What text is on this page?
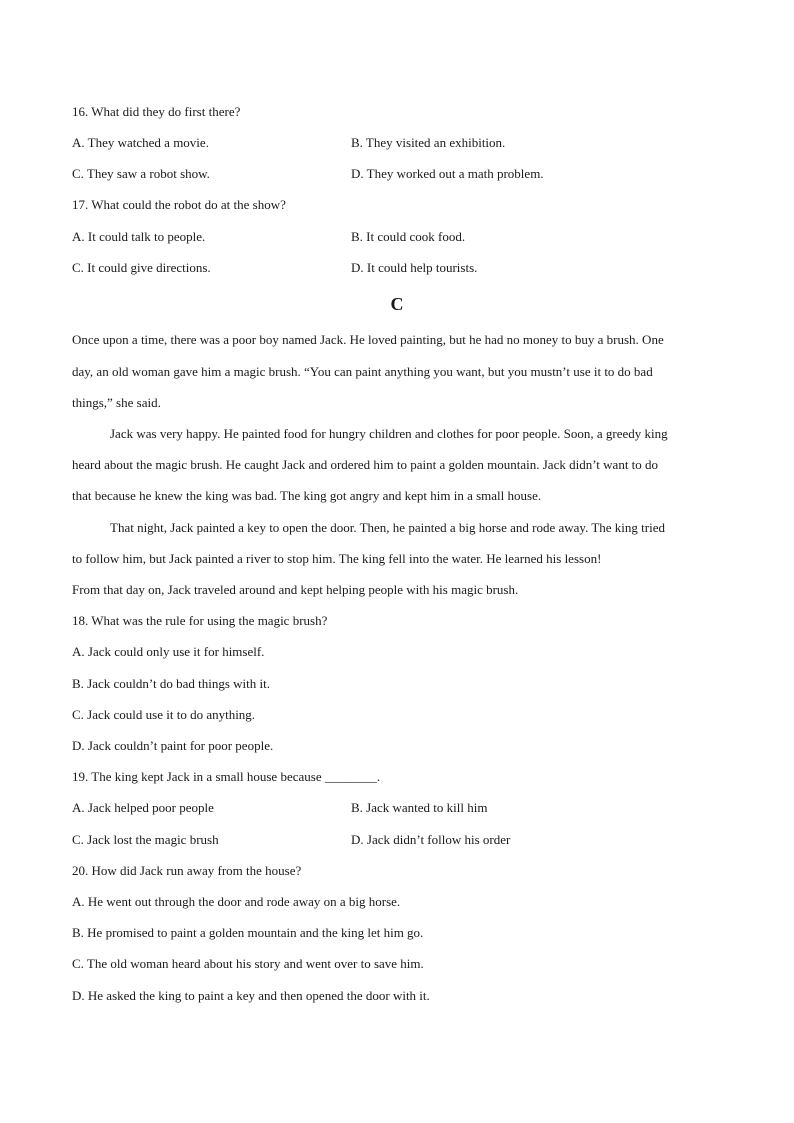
16. What did they do first there?
A. They watched a movie.	B. They visited an exhibition.
C. They saw a robot show.	D. They worked out a math problem.
17. What could the robot do at the show?
A. It could talk to people.	B. It could cook food.
C. It could give directions.	D. It could help tourists.
C
Once upon a time, there was a poor boy named Jack. He loved painting, but he had no money to buy a brush. One
day, an old woman gave him a magic brush. “You can paint anything you want, but you mustn’t use it to do bad
things,” she said.
Jack was very happy. He painted food for hungry children and clothes for poor people. Soon, a greedy king
heard about the magic brush. He caught Jack and ordered him to paint a golden mountain. Jack didn’t want to do
that because he knew the king was bad. The king got angry and kept him in a small house.
That night, Jack painted a key to open the door. Then, he painted a big horse and rode away. The king tried
to follow him, but Jack painted a river to stop him. The king fell into the water. He learned his lesson!
From that day on, Jack traveled around and kept helping people with his magic brush.
18. What was the rule for using the magic brush?
A. Jack could only use it for himself.
B. Jack couldn’t do bad things with it.
C. Jack could use it to do anything.
D. Jack couldn’t paint for poor people.
19. The king kept Jack in a small house because ________.
A. Jack helped poor people	B. Jack wanted to kill him
C. Jack lost the magic brush	D. Jack didn’t follow his order
20. How did Jack run away from the house?
A. He went out through the door and rode away on a big horse.
B. He promised to paint a golden mountain and the king let him go.
C. The old woman heard about his story and went over to save him.
D. He asked the king to paint a key and then opened the door with it.
